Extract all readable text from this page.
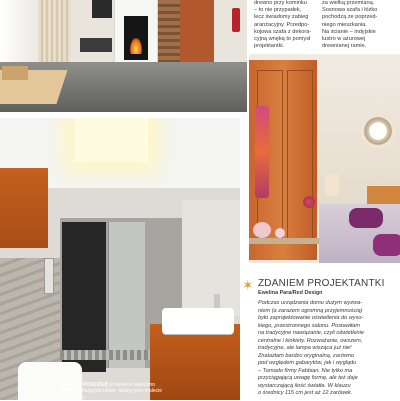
drewno przy kominku
– to nie przypadek,
lecz świadomy zabieg
aranżacyjny. Przedpo-
kojowa szafa z dekora-
cyjną wnęką to pomysł
projektantki.
za wielką przemianą.
Sosnowa szafa i łóżko
pochodzą ze poprzed-
niego mieszkania.
Na ścianie – indyjskie
lustro w ażurowej
drewnianej ramie.
ŚCIANY I PODŁOGĘ w łazience wyłożono gresem imitującym beton, ściany przy toalecie kamieniem.
✶ ZDANIEM PROJEKTANTKI
Ewelina Para/Red Design
Podczas urządzania domu dużym wyzwa-
niem (a zarazem ogromną przyjemnością)
było zaprojektowanie oświetlenia do wyso-
kiego, przestronnego salonu. Postawiłam
na tradycyjne nawiązanie, czyli oświetlenie
centralne i kinkiety. Rozważanie, owszem,
tradycyjne, ale lampa wisząca już nie!
Znalazłam bardzo oryginalną, zarówno
pod względem gabarytów, jak i wyglądu
– Tornado firmy Fabbian. Nie tylko ma
przyciągającą uwagę formę, ale też daje
wystarczającą ilość światła. W klauzu
o średnicy 115 cm jest aż 12 żarówek.
